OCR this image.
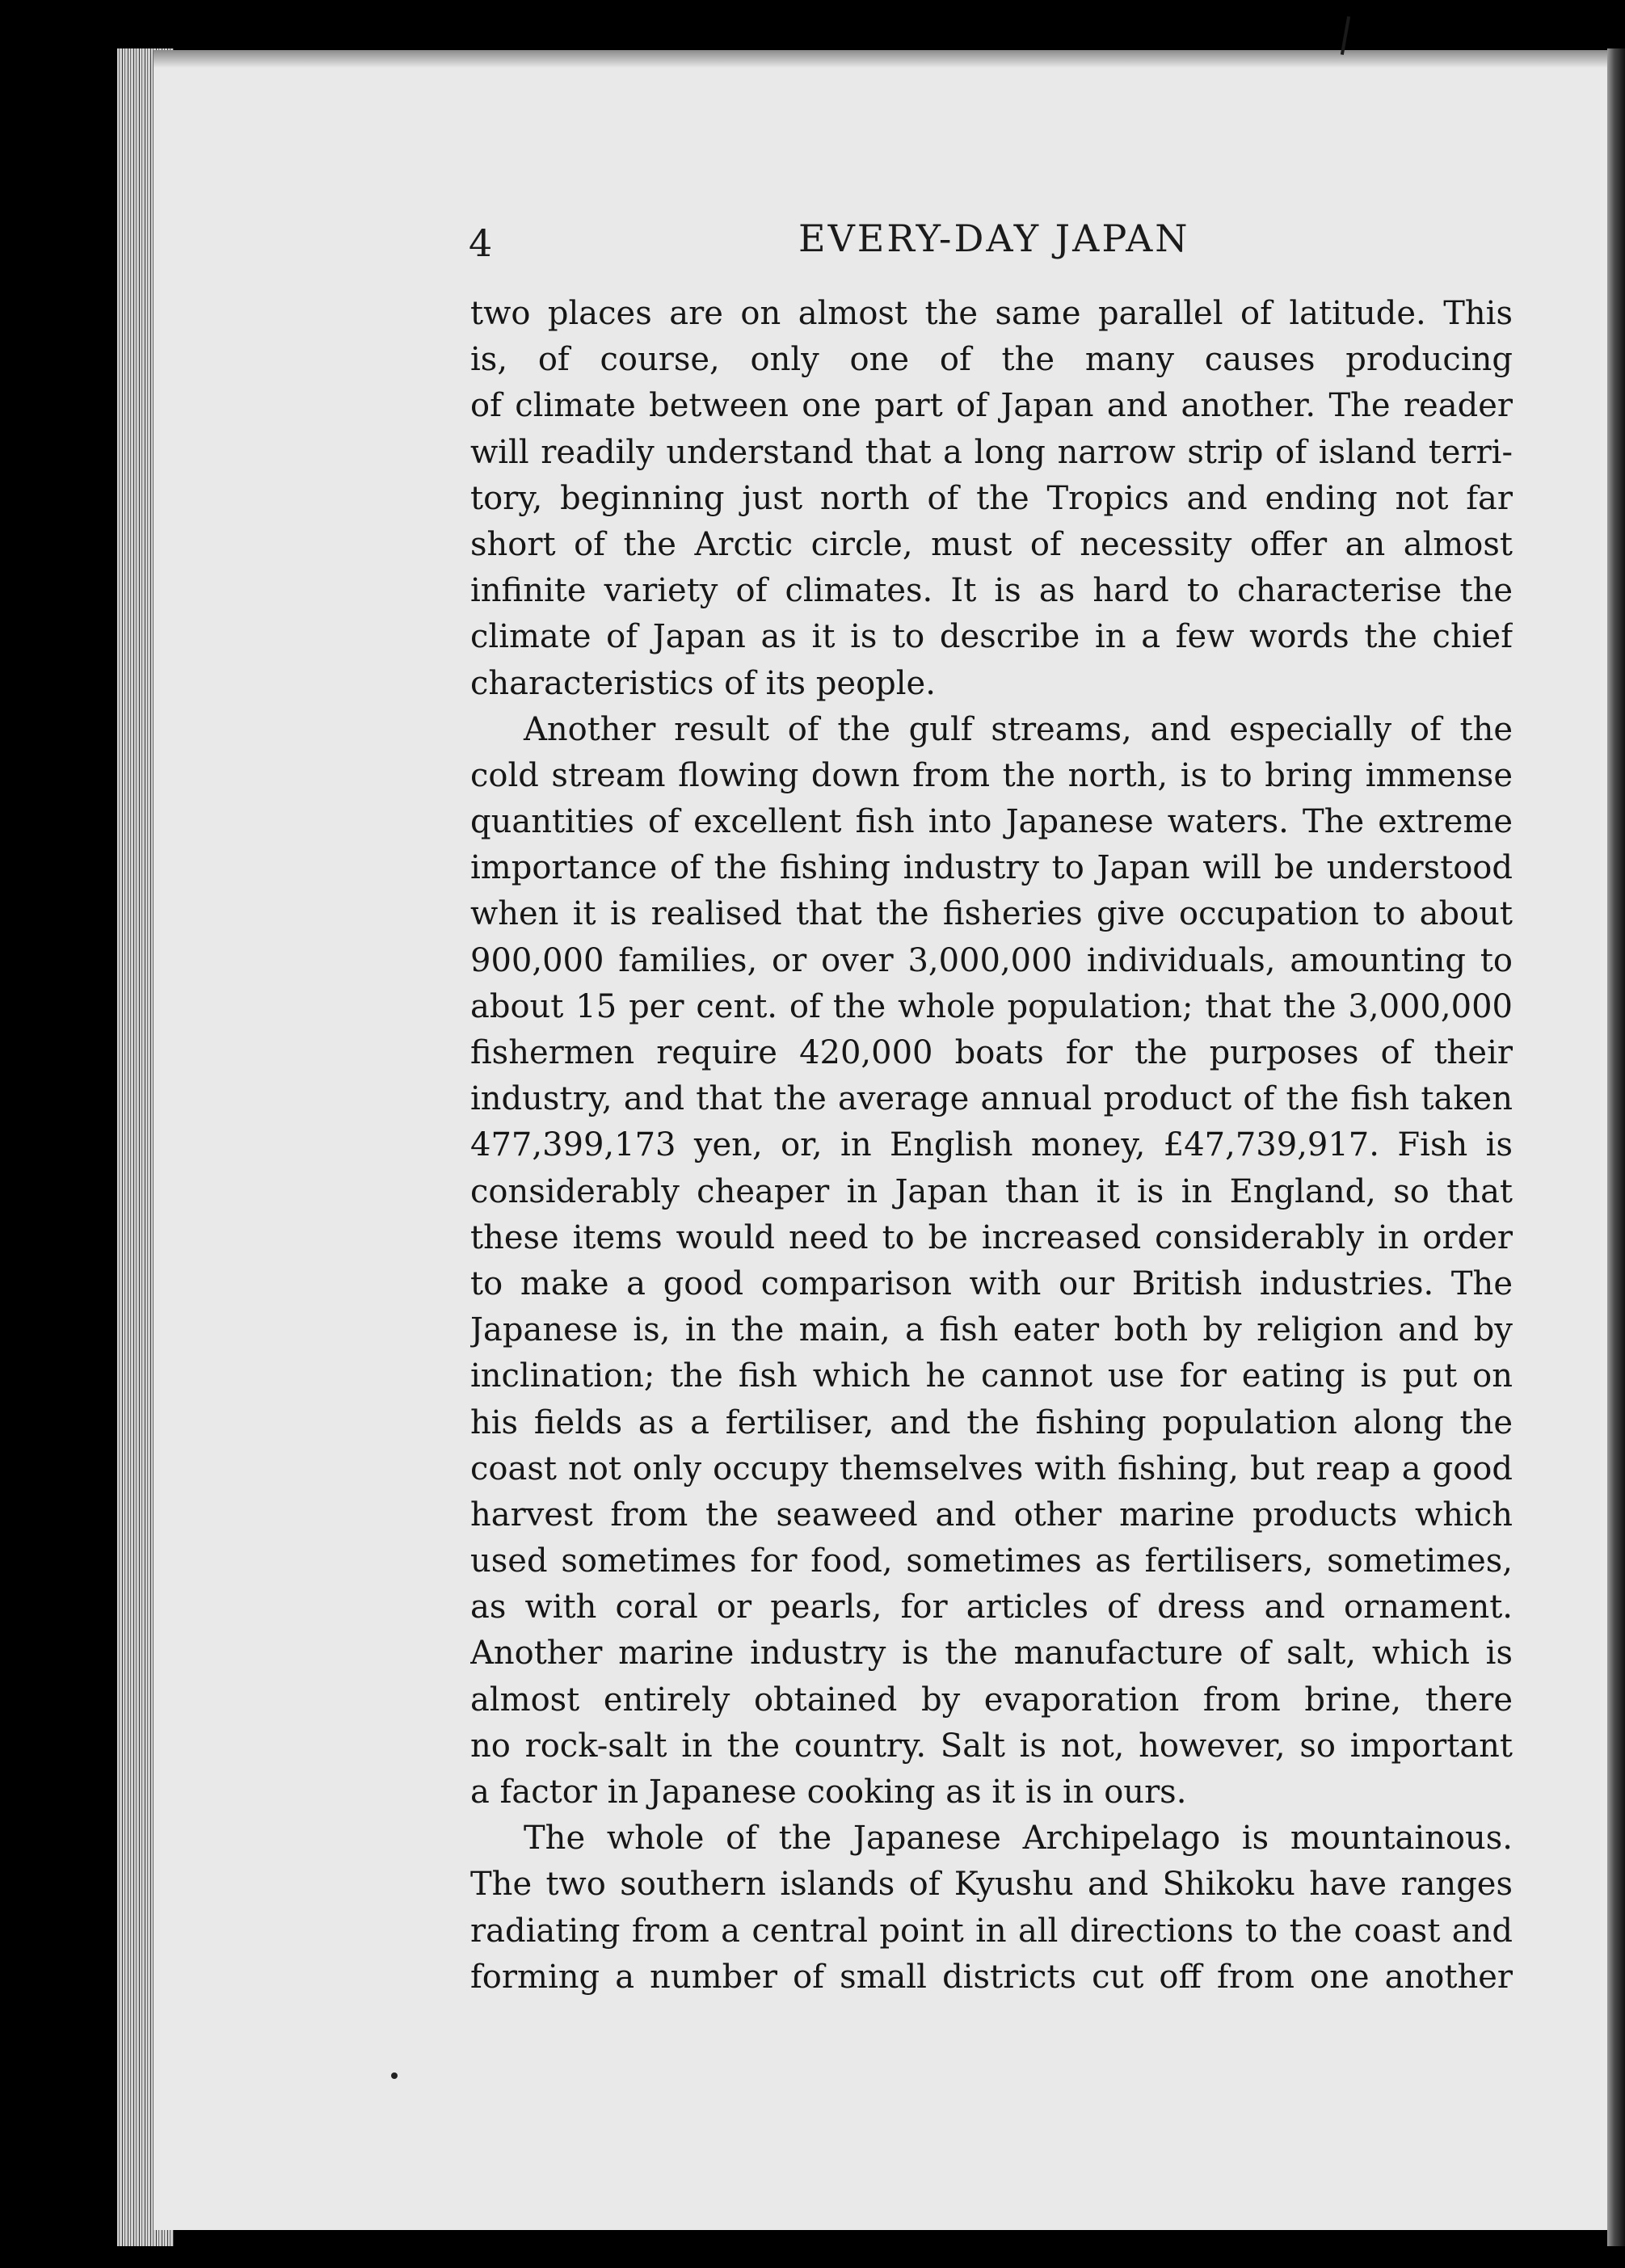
4	EVERY-DAY JAPAN
two places are on almost the same parallel of latitude. This
is, of course, only one of the many causes producing
of climate between one part of Japan and another. The reader
will readily understand that a long narrow strip of island terri-
tory, beginning just north of the Tropics and ending not far
short of the Arctic circle, must of necessity offer an almost
infinite variety of climates. It is as hard to characterise the
climate of Japan as it is to describe in a few words the chief
characteristics of its people.
Another result of the gulf streams, and especially of the
cold stream flowing down from the north, is to bring immense
quantities of excellent fish into Japanese waters. The extreme
importance of the fishing industry to Japan will be understood
when it is realised that the fisheries give occupation to about
900,000 families, or over 3,000,000 individuals, amounting to
about 15 per cent. of the whole population; that the 3,000,000
fishermen require 420,000 boats for the purposes of their
industry, and that the average annual product of the fish taken
477,399,173 yen, or, in English money, £47,739,917. Fish is
considerably cheaper in Japan than it is in England, so that
these items would need to be increased considerably in order
to make a good comparison with our British industries. The
Japanese is, in the main, a fish eater both by religion and by
inclination; the fish which he cannot use for eating is put on
his fields as a fertiliser, and the fishing population along the
coast not only occupy themselves with fishing, but reap a good
harvest from the seaweed and other marine products which
used sometimes for food, sometimes as fertilisers, sometimes,
as with coral or pearls, for articles of dress and ornament.
Another marine industry is the manufacture of salt, which is
almost entirely obtained by evaporation from brine, there
no rock-salt in the country. Salt is not, however, so important
a factor in Japanese cooking as it is in ours.
The whole of the Japanese Archipelago is mountainous.
The two southern islands of Kyushu and Shikoku have ranges
radiating from a central point in all directions to the coast and
forming a number of small districts cut off from one another
